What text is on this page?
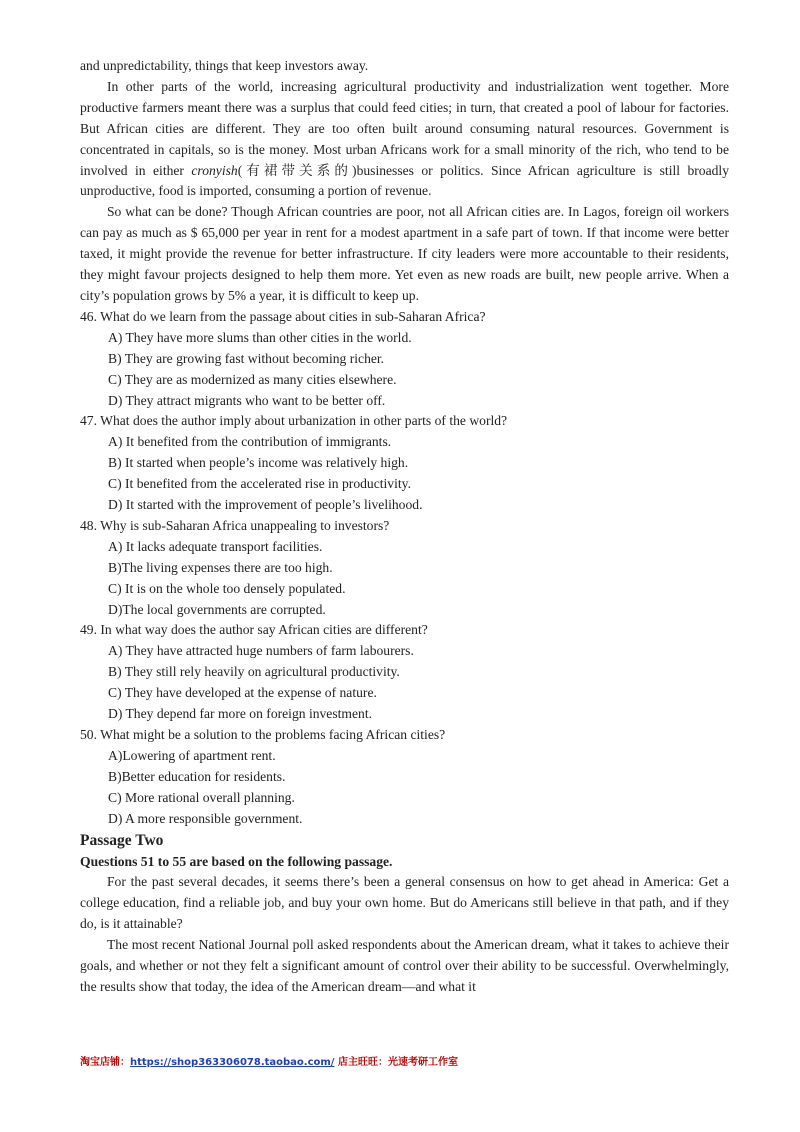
and unpredictability, things that keep investors away.

In other parts of the world, increasing agricultural productivity and industrialization went together. More productive farmers meant there was a surplus that could feed cities; in turn, that created a pool of labour for factories. But African cities are different. They are too often built around consuming natural resources. Government is concentrated in capitals, so is the money. Most urban Africans work for a small minority of the rich, who tend to be involved in either cronyish(有裙带关系的)businesses or politics. Since African agriculture is still broadly unproductive, food is imported, consuming a portion of revenue.

So what can be done? Though African countries are poor, not all African cities are. In Lagos, foreign oil workers can pay as much as $ 65,000 per year in rent for a modest apartment in a safe part of town. If that income were better taxed, it might provide the revenue for better infrastructure. If city leaders were more accountable to their residents, they might favour projects designed to help them more. Yet even as new roads are built, new people arrive. When a city’s population grows by 5% a year, it is difficult to keep up.

46. What do we learn from the passage about cities in sub-Saharan Africa?

A) They have more slums than other cities in the world.

B) They are growing fast without becoming richer.

C) They are as modernized as many cities elsewhere.

D) They attract migrants who want to be better off.

47. What does the author imply about urbanization in other parts of the world?

A) It benefited from the contribution of immigrants.

B) It started when people’s income was relatively high.

C) It benefited from the accelerated rise in productivity.

D) It started with the improvement of people’s livelihood.

48. Why is sub-Saharan Africa unappealing to investors?

A) It lacks adequate transport facilities.

B)The living expenses there are too high.

C) It is on the whole too densely populated.

D)The local governments are corrupted.

49. In what way does the author say African cities are different?

A) They have attracted huge numbers of farm labourers.

B) They still rely heavily on agricultural productivity.

C) They have developed at the expense of nature.

D) They depend far more on foreign investment.

50. What might be a solution to the problems facing African cities?

A)Lowering of apartment rent.

B)Better education for residents.

C) More rational overall planning.

D) A more responsible government.

Passage Two

Questions 51 to 55 are based on the following passage.

For the past several decades, it seems there’s been a general consensus on how to get ahead in America: Get a college education, find a reliable job, and buy your own home. But do Americans still believe in that path, and if they do, is it attainable?

The most recent National Journal poll asked respondents about the American dream, what it takes to achieve their goals, and whether or not they felt a significant amount of control over their ability to be successful. Overwhelmingly, the results show that today, the idea of the American dream—and what it

淘宝店铺：https://shop363306078.taobao.com/ 店主旺旺：光速考研工作室
